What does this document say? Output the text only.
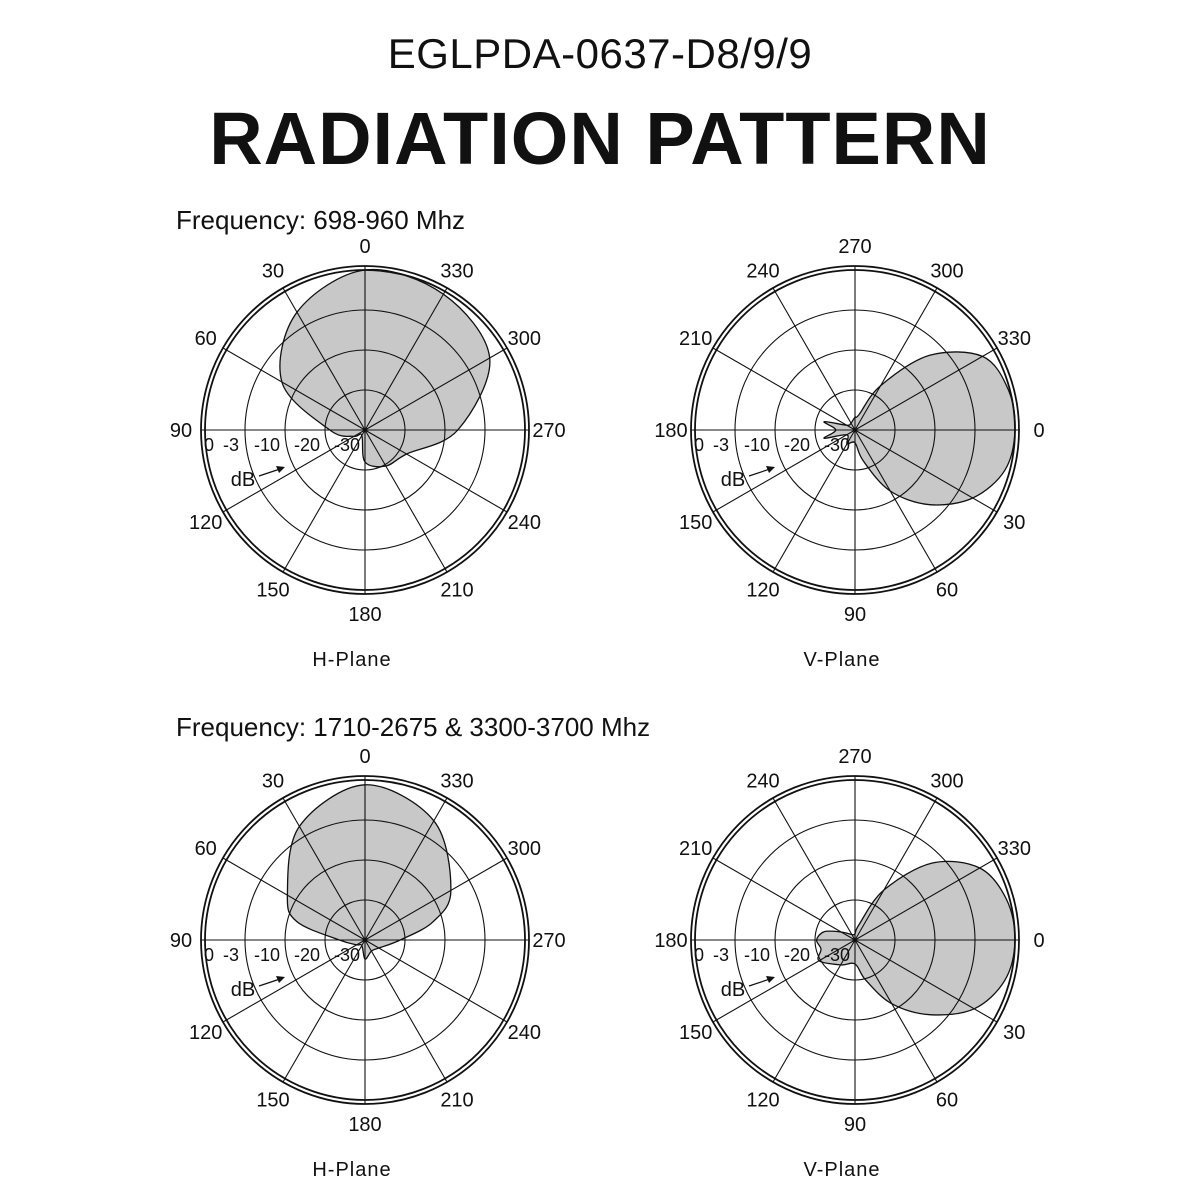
EGLPDA-0637-D8/9/9
RADIATION PATTERN
Frequency: 698-960 Mhz
Frequency: 1710-2675 & 3300-3700 Mhz
0
30
60
90
120
150
180
210
240
270
300
330
0 -3 -10 -20 -30
dB
H-Plane
0
30
60
90
120
150
180
210
240
270
300
330
0 -3 -10 -20 -30
dB
V-Plane
0
30
60
90
120
150
180
210
240
270
300
330
0 -3 -10 -20 -30
dB
H-Plane
0
30
60
90
120
150
180
210
240
270
300
330
0 -3 -10 -20 -30
dB
V-Plane
